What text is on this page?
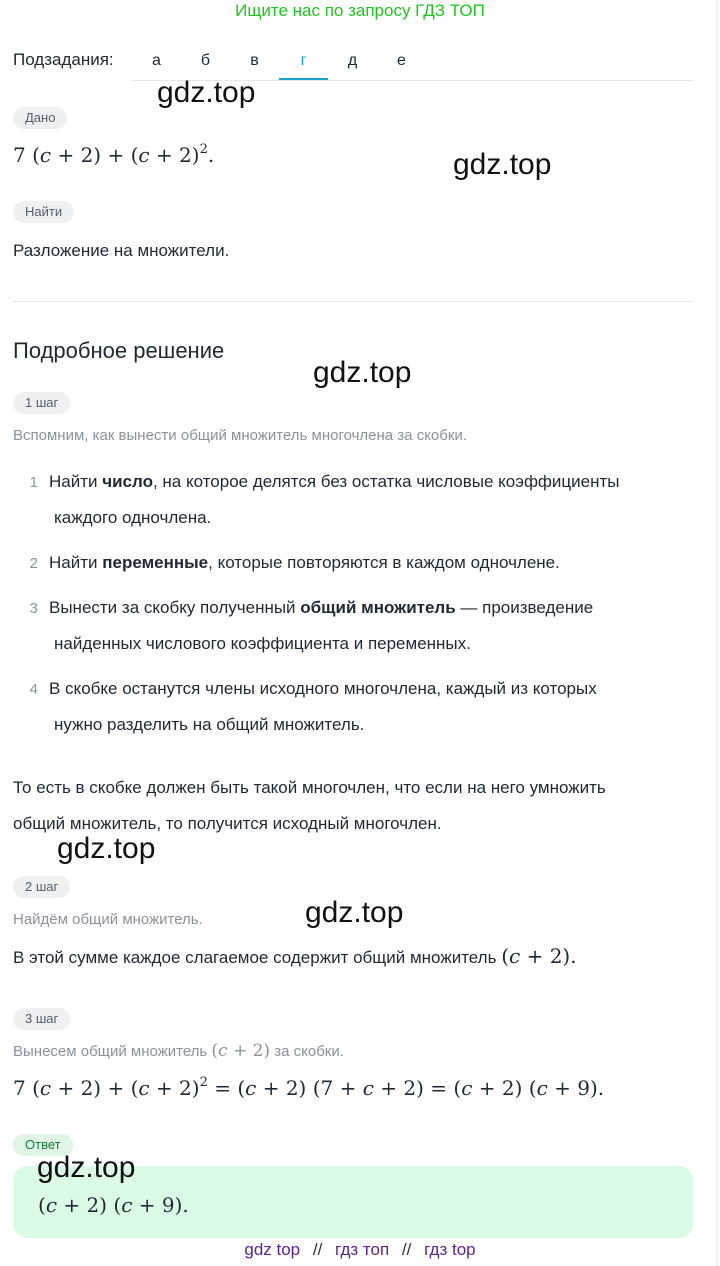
Ищите нас по запросу ГДЗ ТОП
Подзадания:	а	б	в	г	д	е
gdz.top
gdz.top
Дано
7 $(c + 2) + (c + 2)^2$.
Найти
Разложение на множители.
Подробное решение
gdz.top
1 шаг
Вспомним, как вынести общий множитель многочлена за скобки.
1 Найти число, на которое делятся без остатка числовые коэффициенты
каждого одночлена.
2 Найти переменные, которые повторяются в каждом одночлене.
3 Вынести за скобку полученный общий множитель — произведение
найденных числового коэффициента и переменных.
4 В скобке останутся члены исходного многочлена, каждый из которых
нужно разделить на общий множитель.
То есть в скобке должен быть такой многочлен, что если на него умножить
общий множитель, то получится исходный многочлен.
gdz.top
2 шаг
gdz.top
Найдём общий множитель.
В этой сумме каждое слагаемое содержит общий множитель (c + 2).
3 шаг
Вынесем общий множитель (c + 2) за скобки.
7 $(c + 2) + (c + 2)^2 = (c + 2)$ (7 + c + 2) = (c + 2) (c + 9).
Ответ
gdz.top
(c + 2) (c + 9).
gdz top // гдз топ // гдз top
